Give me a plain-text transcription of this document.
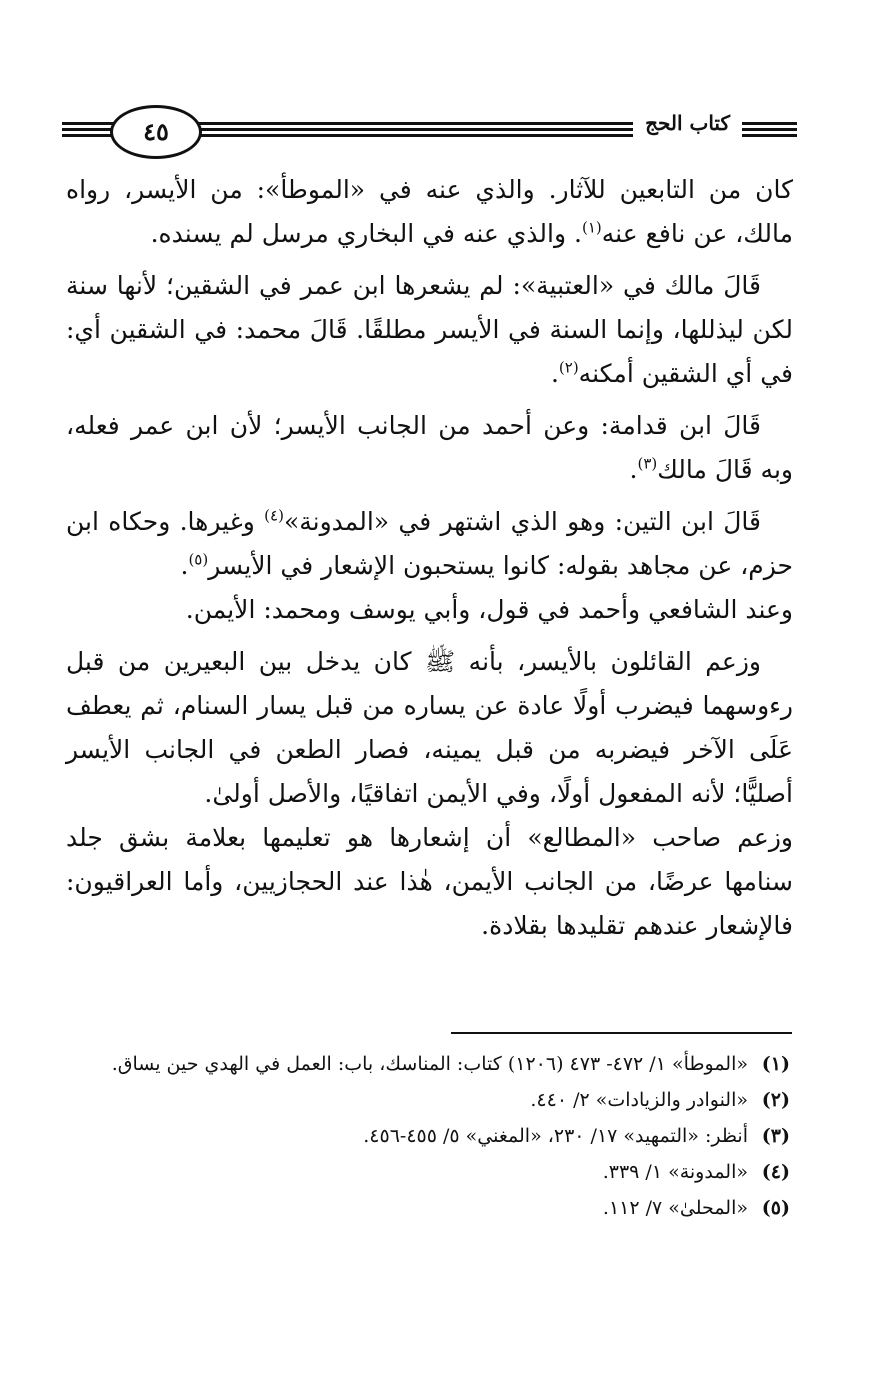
كتاب الحج
٤٥

كان من التابعين للآثار. والذي عنه في «الموطأ»: من الأيسر، رواه مالك، عن نافع عنه$^{(١)}$. والذي عنه في البخاري مرسل لم يسنده.

قَالَ مالك في «العتبية»: لم يشعرها ابن عمر في الشقين؛ لأنها سنة لكن ليذللها، وإنما السنة في الأيسر مطلقًا. قَالَ محمد: في الشقين أي: في أي الشقين أمكنه$^{(٢)}$.

قَالَ ابن قدامة: وعن أحمد من الجانب الأيسر؛ لأن ابن عمر فعله، وبه قَالَ مالك$^{(٣)}$.

قَالَ ابن التين: وهو الذي اشتهر في «المدونة»$^{(٤)}$ وغيرها. وحكاه ابن حزم، عن مجاهد بقوله: كانوا يستحبون الإشعار في الأيسر$^{(٥)}$.

وعند الشافعي وأحمد في قول، وأبي يوسف ومحمد: الأيمن.

وزعم القائلون بالأيسر، بأنه ﷺ كان يدخل بين البعيرين من قبل رءوسهما فيضرب أولًا عادة عن يساره من قبل يسار السنام، ثم يعطف عَلَى الآخر فيضربه من قبل يمينه، فصار الطعن في الجانب الأيسر أصليًّا؛ لأنه المفعول أولًا، وفي الأيمن اتفاقيًا، والأصل أولىٰ.

وزعم صاحب «المطالع» أن إشعارها هو تعليمها بعلامة بشق جلد سنامها عرضًا، من الجانب الأيمن، هٰذا عند الحجازيين، وأما العراقيون: فالإشعار عندهم تقليدها بقلادة.

(١)
«الموطأ» ١/ ٤٧٢- ٤٧٣ (١٢٠٦) كتاب: المناسك، باب: العمل في الهدي حين يساق.
(٢)
«النوادر والزيادات» ٢/ ٤٤٠.
(٣)
أنظر: «التمهيد» ١٧/ ٢٣٠، «المغني» ٥/ ٤٥٥-٤٥٦.
(٤)
«المدونة» ١/ ٣٣٩.
(٥)
«المحلىٰ» ٧/ ١١٢.
